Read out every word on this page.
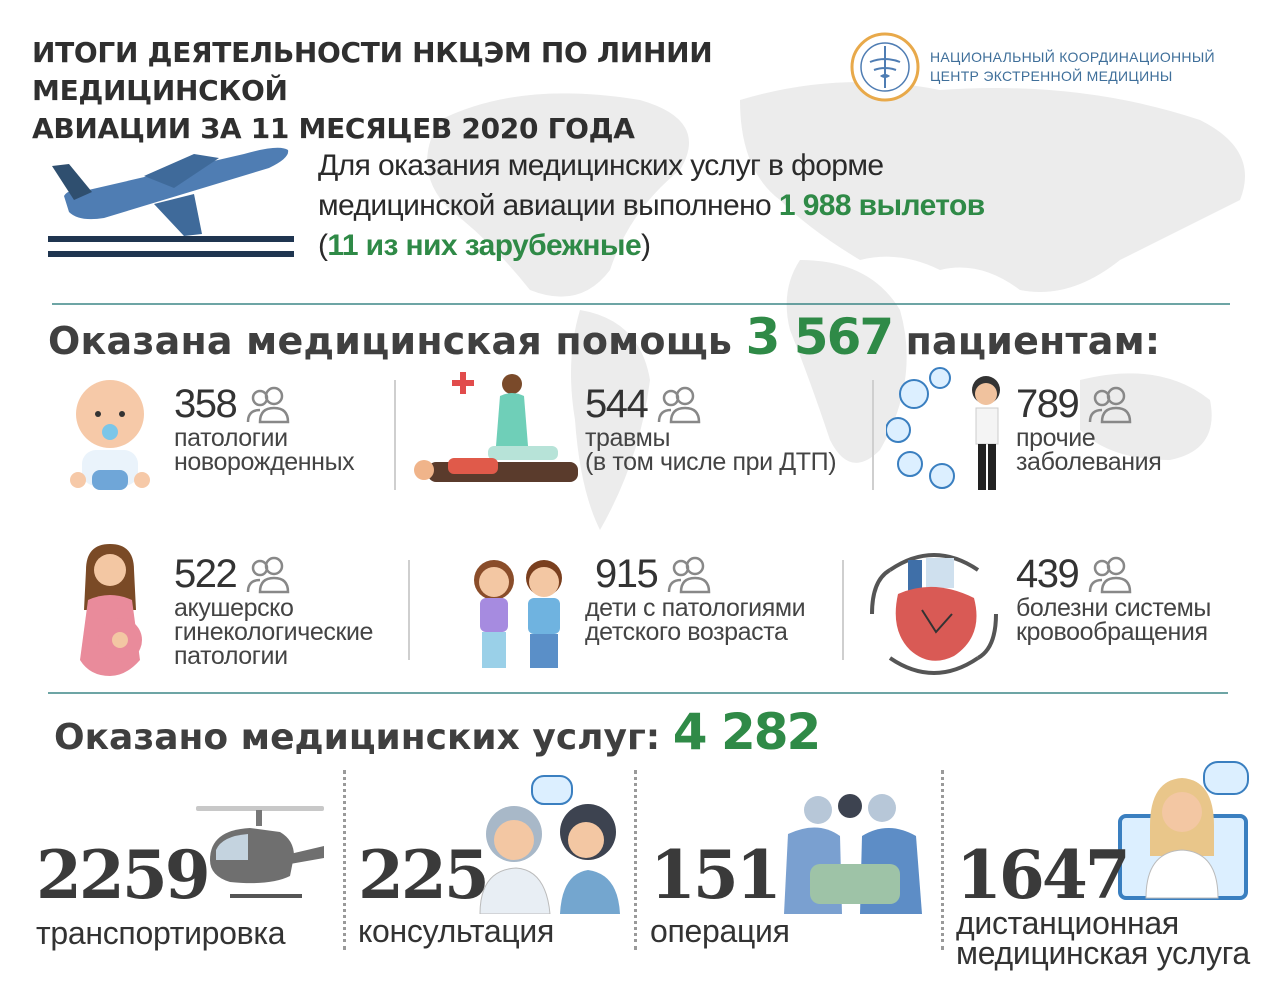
ИТОГИ ДЕЯТЕЛЬНОСТИ НКЦЭМ ПО ЛИНИИ МЕДИЦИНСКОЙ
АВИАЦИИ ЗА 11 МЕСЯЦЕВ 2020 ГОДА
НАЦИОНАЛЬНЫЙ КООРДИНАЦИОННЫЙ
ЦЕНТР ЭКСТРЕННОЙ МЕДИЦИНЫ
Для оказания медицинских услуг в форме
медицинской авиации выполнено 1 988 вылетов
(11 из них зарубежные)
Оказана медицинская помощь 3 567 пациентам:
358
патологии
новорожденных
544
травмы
(в том числе при ДТП)
789
прочие
заболевания
522
акушерско
гинекологические
патологии
915
дети с патологиями
детского возраста
439
болезни системы
кровообращения
Оказано медицинских услуг: 4 282
2259
транспортировка
225
консультация
151
операция
1647
дистанционная
медицинская услуга
